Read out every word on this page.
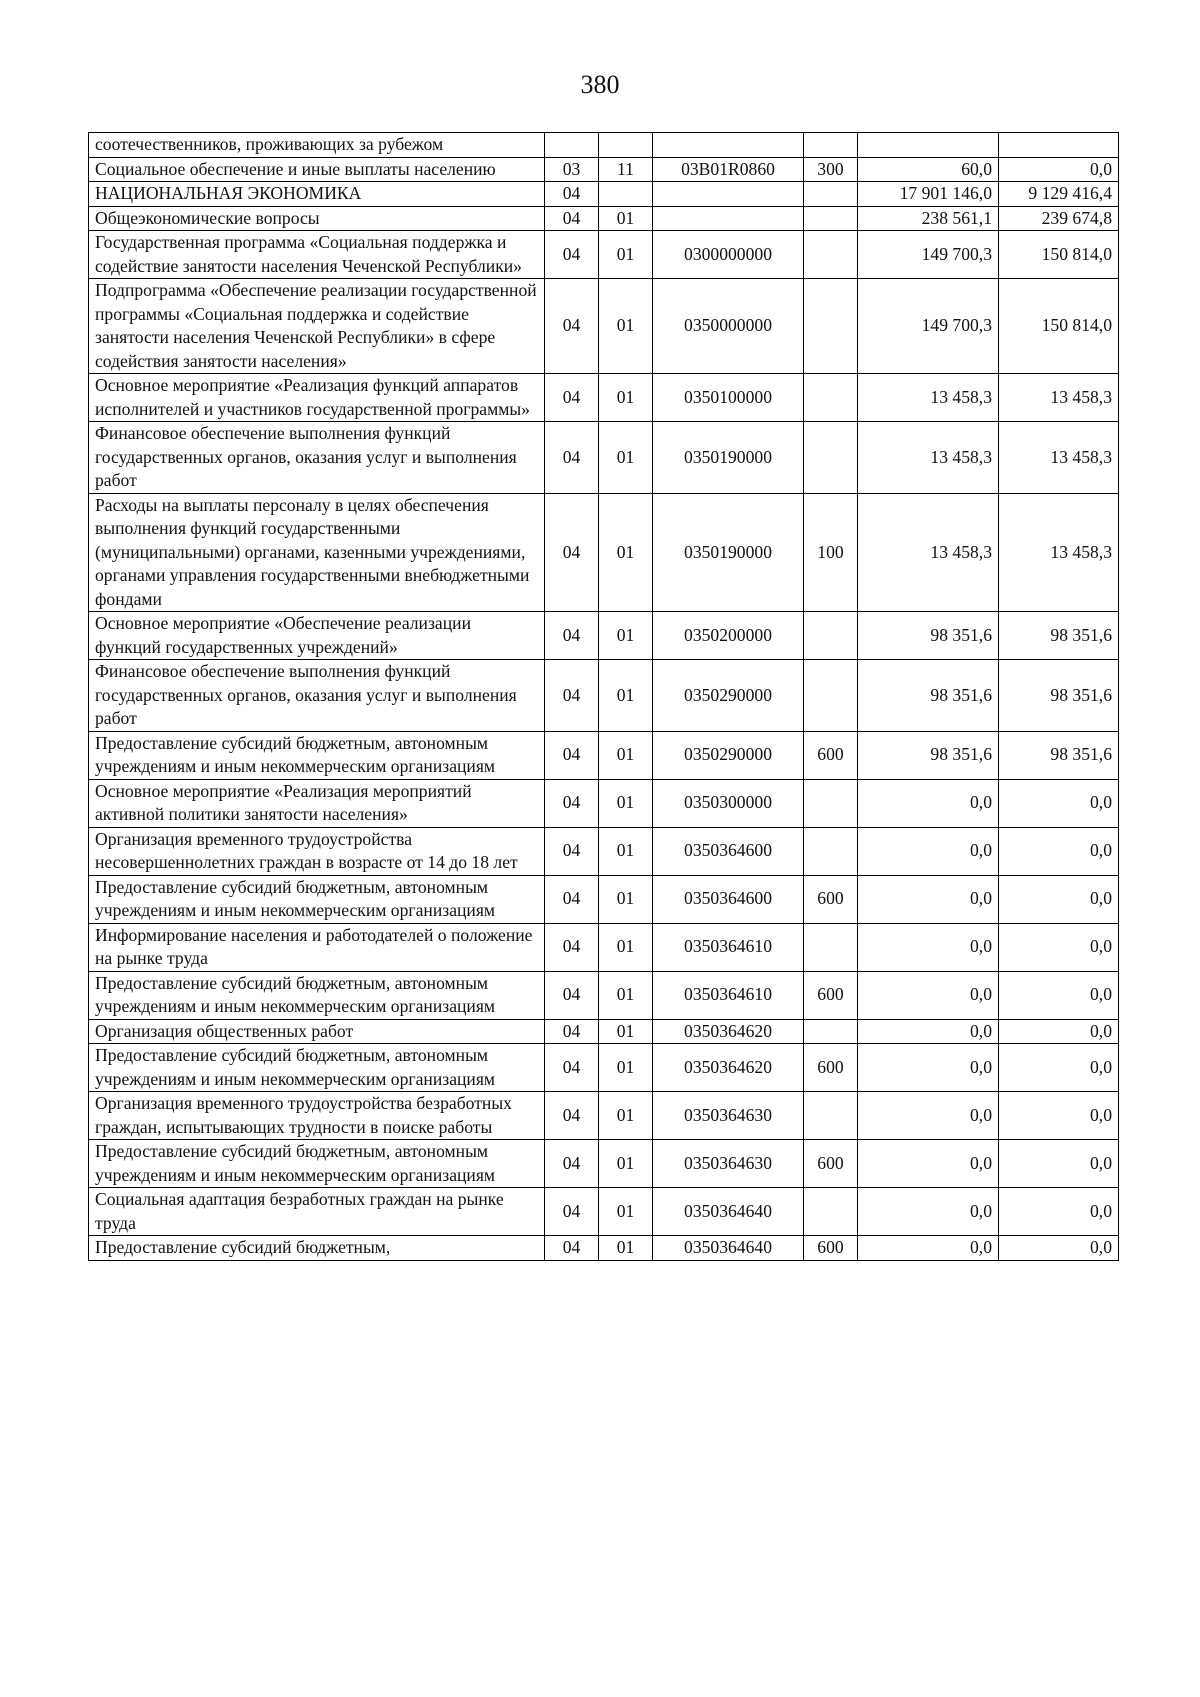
380
соотечественников, проживающих за рубежом						
Социальное обеспечение и иные выплаты населению	03	11	03B01R0860	300	60,0	0,0
НАЦИОНАЛЬНАЯ ЭКОНОМИКА	04				17 901 146,0	9 129 416,4
Общеэкономические вопросы	04	01			238 561,1	239 674,8
Государственная программа «Социальная поддержка и содействие занятости населения Чеченской Республики»	04	01	0300000000		149 700,3	150 814,0
Подпрограмма «Обеспечение реализации государственной программы «Социальная поддержка и содействие занятости населения Чеченской Республики» в сфере содействия занятости населения»	04	01	0350000000		149 700,3	150 814,0
Основное мероприятие «Реализация функций аппаратов исполнителей и участников государственной программы»	04	01	0350100000		13 458,3	13 458,3
Финансовое обеспечение выполнения функций государственных органов, оказания услуг и выполнения работ	04	01	0350190000		13 458,3	13 458,3
Расходы на выплаты персоналу в целях обеспечения выполнения функций государственными (муниципальными) органами, казенными учреждениями, органами управления государственными внебюджетными фондами	04	01	0350190000	100	13 458,3	13 458,3
Основное мероприятие «Обеспечение реализации функций государственных учреждений»	04	01	0350200000		98 351,6	98 351,6
Финансовое обеспечение выполнения функций государственных органов, оказания услуг и выполнения работ	04	01	0350290000		98 351,6	98 351,6
Предоставление субсидий бюджетным, автономным учреждениям и иным некоммерческим организациям	04	01	0350290000	600	98 351,6	98 351,6
Основное мероприятие «Реализация мероприятий активной политики занятости населения»	04	01	0350300000		0,0	0,0
Организация временного трудоустройства несовершеннолетних граждан в возрасте от 14 до 18 лет	04	01	0350364600		0,0	0,0
Предоставление субсидий бюджетным, автономным учреждениям и иным некоммерческим организациям	04	01	0350364600	600	0,0	0,0
Информирование населения и работодателей о положение на рынке труда	04	01	0350364610		0,0	0,0
Предоставление субсидий бюджетным, автономным учреждениям и иным некоммерческим организациям	04	01	0350364610	600	0,0	0,0
Организация общественных работ	04	01	0350364620		0,0	0,0
Предоставление субсидий бюджетным, автономным учреждениям и иным некоммерческим организациям	04	01	0350364620	600	0,0	0,0
Организация временного трудоустройства безработных граждан, испытывающих трудности в поиске работы	04	01	0350364630		0,0	0,0
Предоставление субсидий бюджетным, автономным учреждениям и иным некоммерческим организациям	04	01	0350364630	600	0,0	0,0
Социальная адаптация безработных граждан на рынке труда	04	01	0350364640		0,0	0,0
Предоставление субсидий бюджетным,	04	01	0350364640	600	0,0	0,0
